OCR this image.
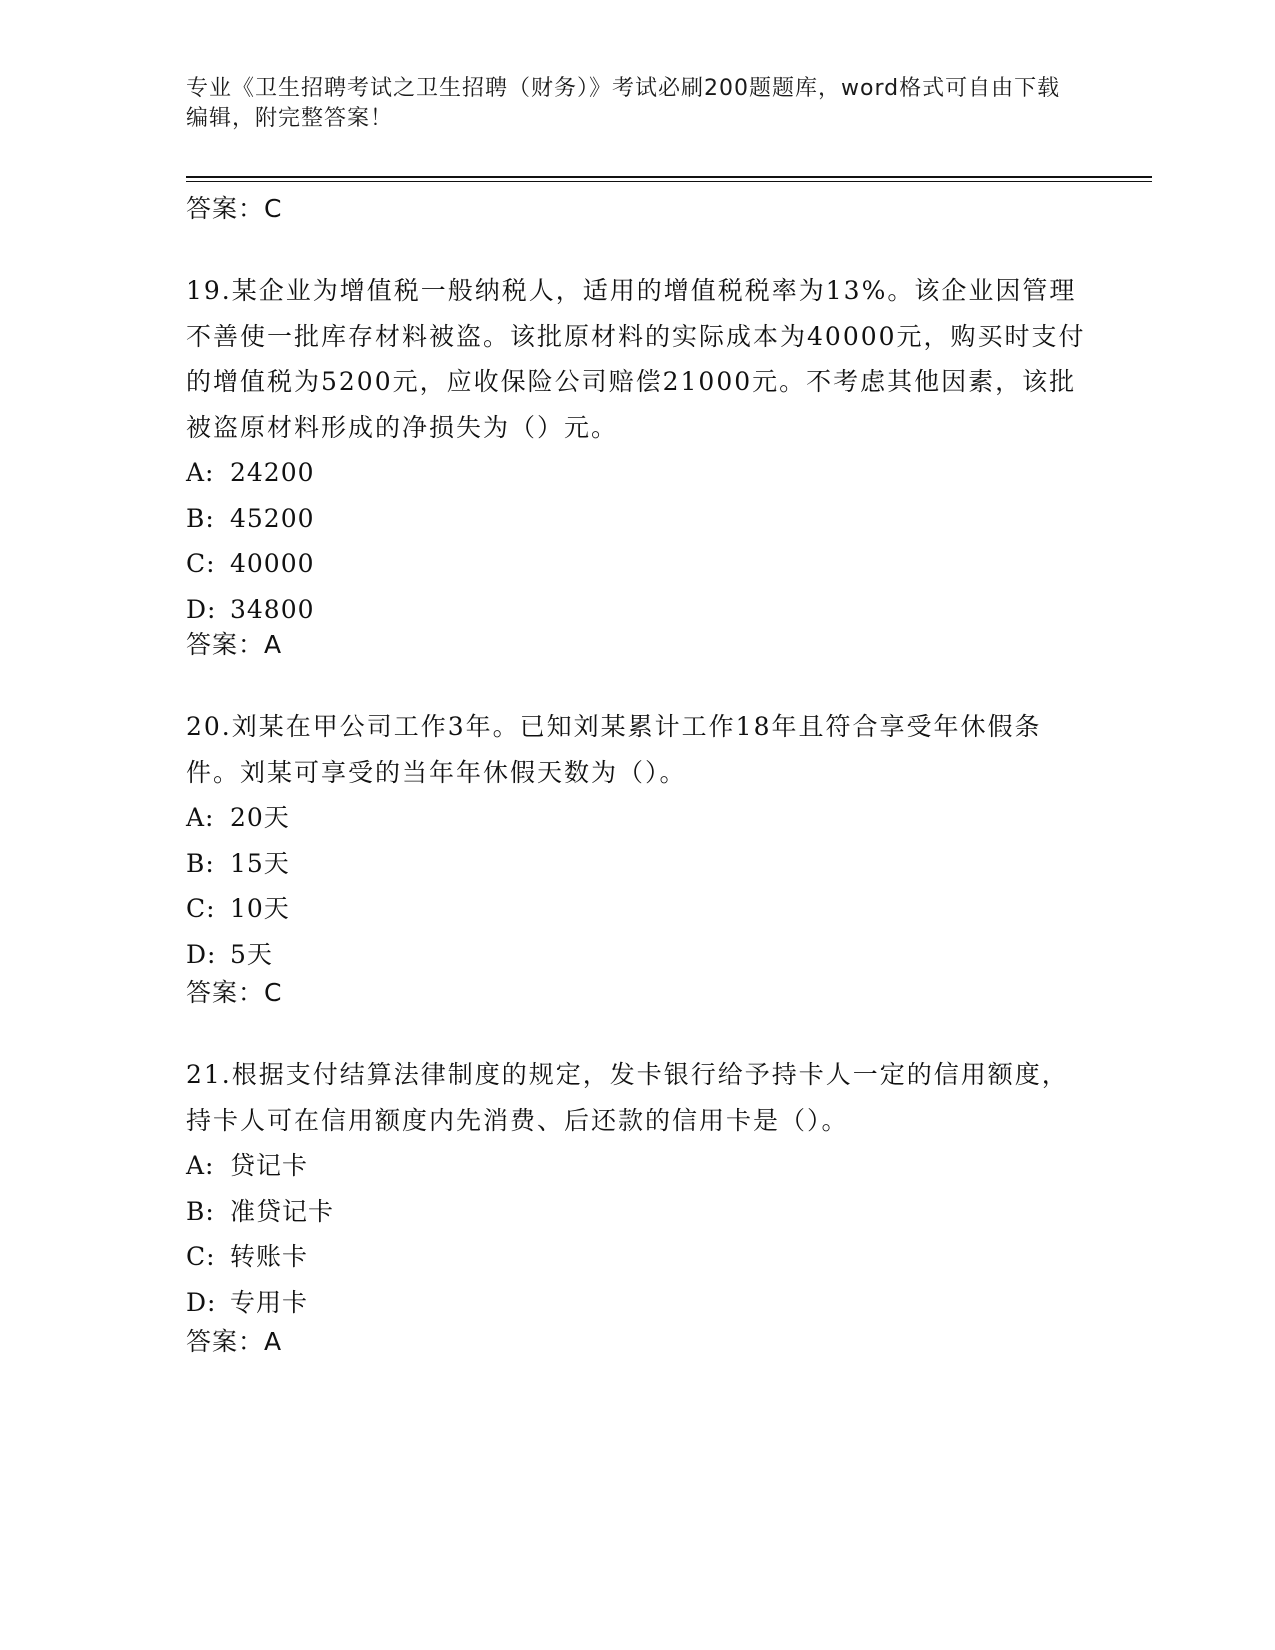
专业《卫生招聘考试之卫生招聘（财务）》考试必刷200题题库，word格式可自由下载编辑，附完整答案！
答案：C

19.某企业为增值税一般纳税人，适用的增值税税率为13%。该企业因管理不善使一批库存材料被盗。该批原材料的实际成本为40000元，购买时支付的增值税为5200元，应收保险公司赔偿21000元。不考虑其他因素，该批被盗原材料形成的净损失为（）元。

A: 24200

B: 45200

C: 40000

D: 34800

答案：A

20.刘某在甲公司工作3年。已知刘某累计工作18年且符合享受年休假条件。刘某可享受的当年年休假天数为（）。

A: 20天

B: 15天

C: 10天

D: 5天

答案：C

21.根据支付结算法律制度的规定，发卡银行给予持卡人一定的信用额度，持卡人可在信用额度内先消费、后还款的信用卡是（）。

A: 贷记卡

B: 准贷记卡

C: 转账卡

D: 专用卡

答案：A
